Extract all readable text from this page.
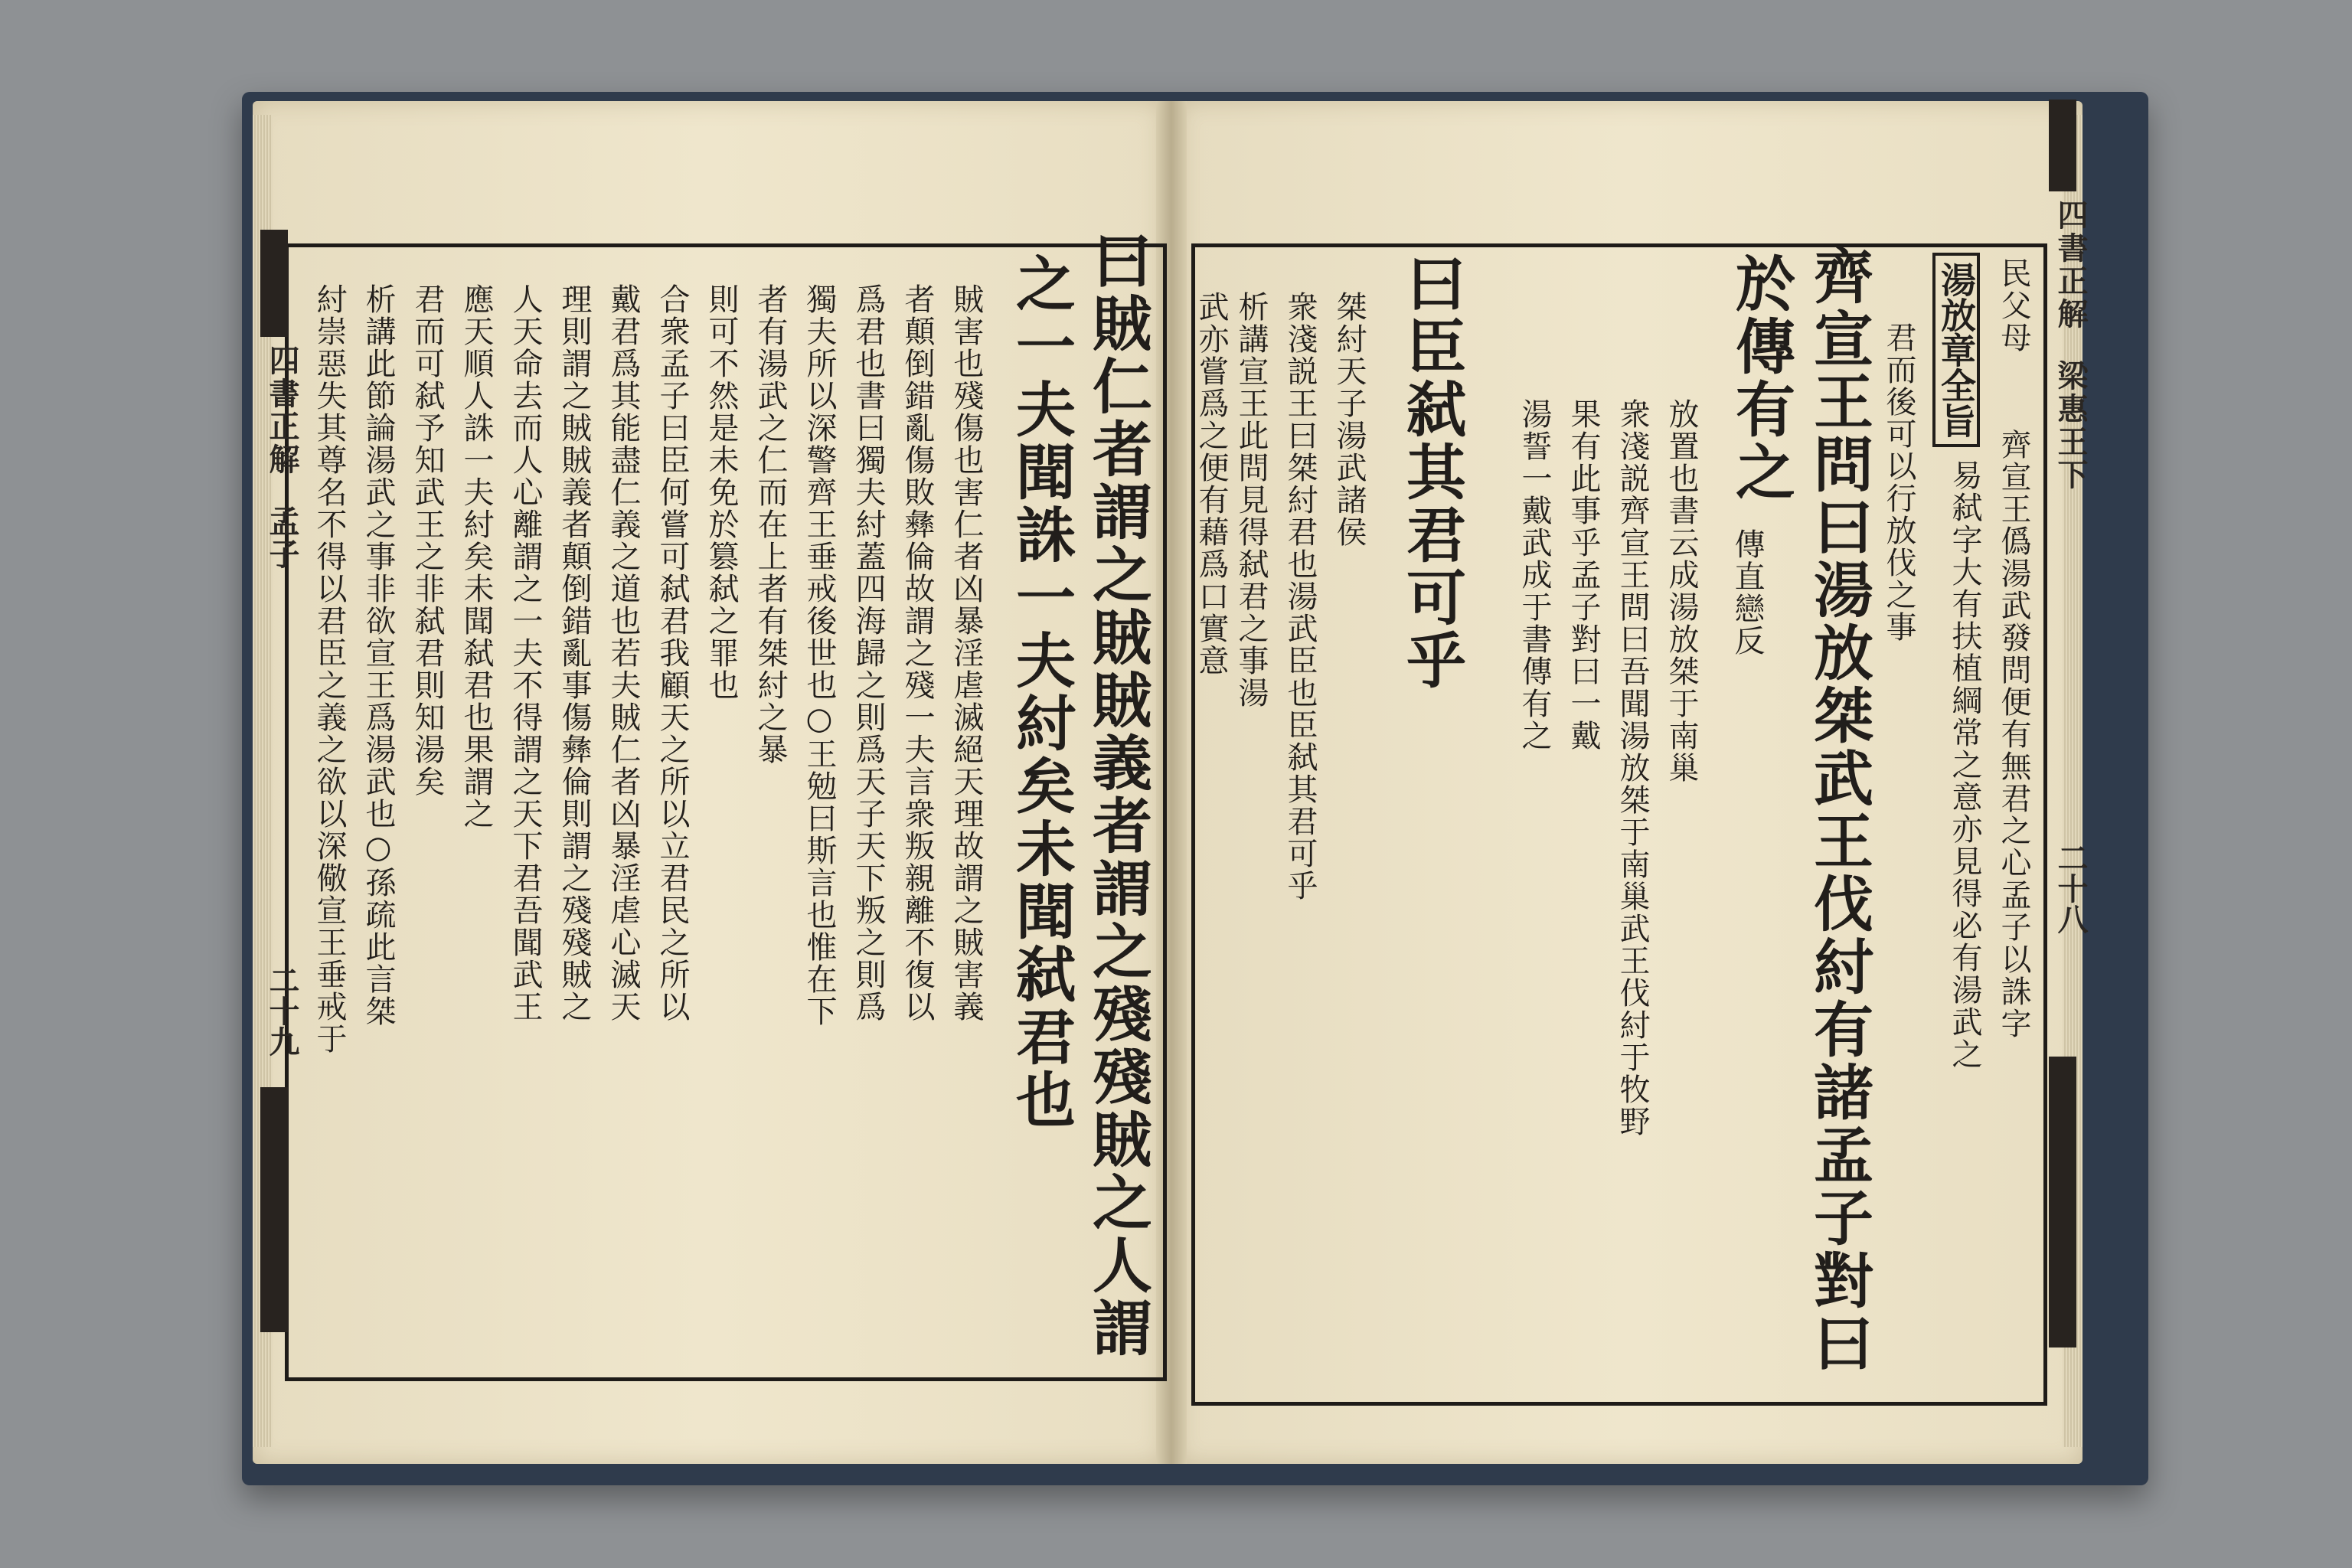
四書正解
孟子
二十九
四書正解
梁惠王下
二十八
曰賊仁者謂之賊賊義者謂之殘殘賊之人謂
之一夫聞誅一夫紂矣未聞弑君也
賊害也殘傷也害仁者凶暴淫虐滅絕天理故謂之賊害義
者顛倒錯亂傷敗彝倫故謂之殘一夫言衆叛親離不復以
爲君也書曰獨夫紂蓋四海歸之則爲天子天下叛之則爲
獨夫所以深警齊王垂戒後世也○王勉曰斯言也惟在下
者有湯武之仁而在上者有桀紂之暴
則可不然是未免於篡弑之罪也
合衆孟子曰臣何嘗可弑君我顧天之所以立君民之所以
戴君爲其能盡仁義之道也若夫賊仁者凶暴淫虐心滅天
理則謂之賊賊義者顛倒錯亂事傷彝倫則謂之殘殘賊之
人天命去而人心離謂之一夫不得謂之天下君吾聞武王
應天順人誅一夫紂矣未聞弑君也果謂之
君而可弑予知武王之非弑君則知湯矣
析講此節論湯武之事非欲宣王爲湯武也○孫疏此言桀
紂崇惡失其尊名不得以君臣之義之欲以深儆宣王垂戒于	民父母
湯放章全旨
齊宣王僞湯武發問便有無君之心孟子以誅字
易弑字大有扶植綱常之意亦見得必有湯武之
君而後可以行放伐之事
齊宣王問曰湯放桀武王伐紂有諸孟子對曰
於傳有之
傳直戀反
放置也書云成湯放桀于南巢
衆淺説齊宣王問曰吾聞湯放桀于南巢武王伐紂于牧野
果有此事乎孟子對曰一戴
湯誓一戴武成于書傳有之
曰臣弑其君可乎
桀紂天子湯武諸侯
衆淺説王曰桀紂君也湯武臣也臣弑其君可乎
析講宣王此問見得弑君之事湯
武亦嘗爲之便有藉爲口實意
